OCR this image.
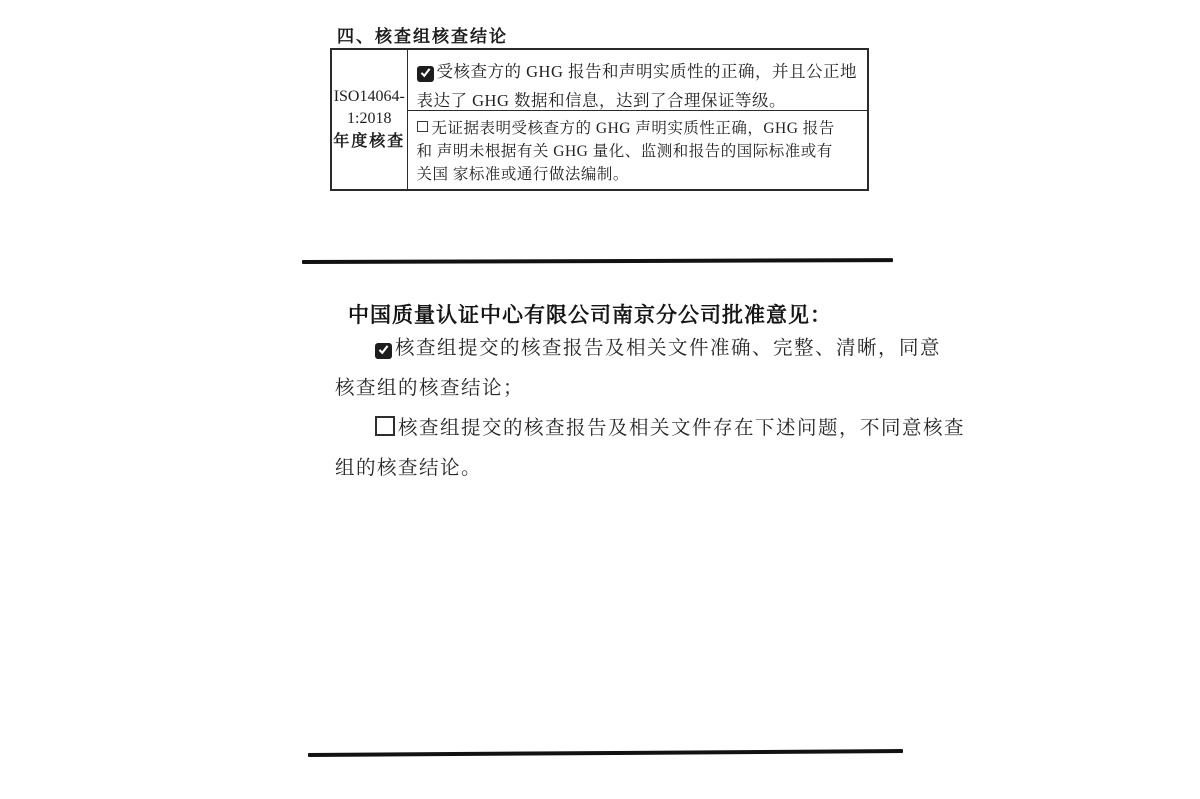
四、核查组核查结论
ISO14064-1:2018
年度核查
受核查方的 GHG 报告和声明实质性的正确，并且公正地
表达了 GHG 数据和信息，达到了合理保证等级。
无证据表明受核查方的 GHG 声明实质性正确，GHG 报告
和 声明未根据有关 GHG 量化、监测和报告的国际标准或有
关国 家标准或通行做法编制。
中国质量认证中心有限公司南京分公司批准意见：
核查组提交的核查报告及相关文件准确、完整、清晰，同意
核查组的核查结论；
核查组提交的核查报告及相关文件存在下述问题，不同意核查
组的核查结论。
